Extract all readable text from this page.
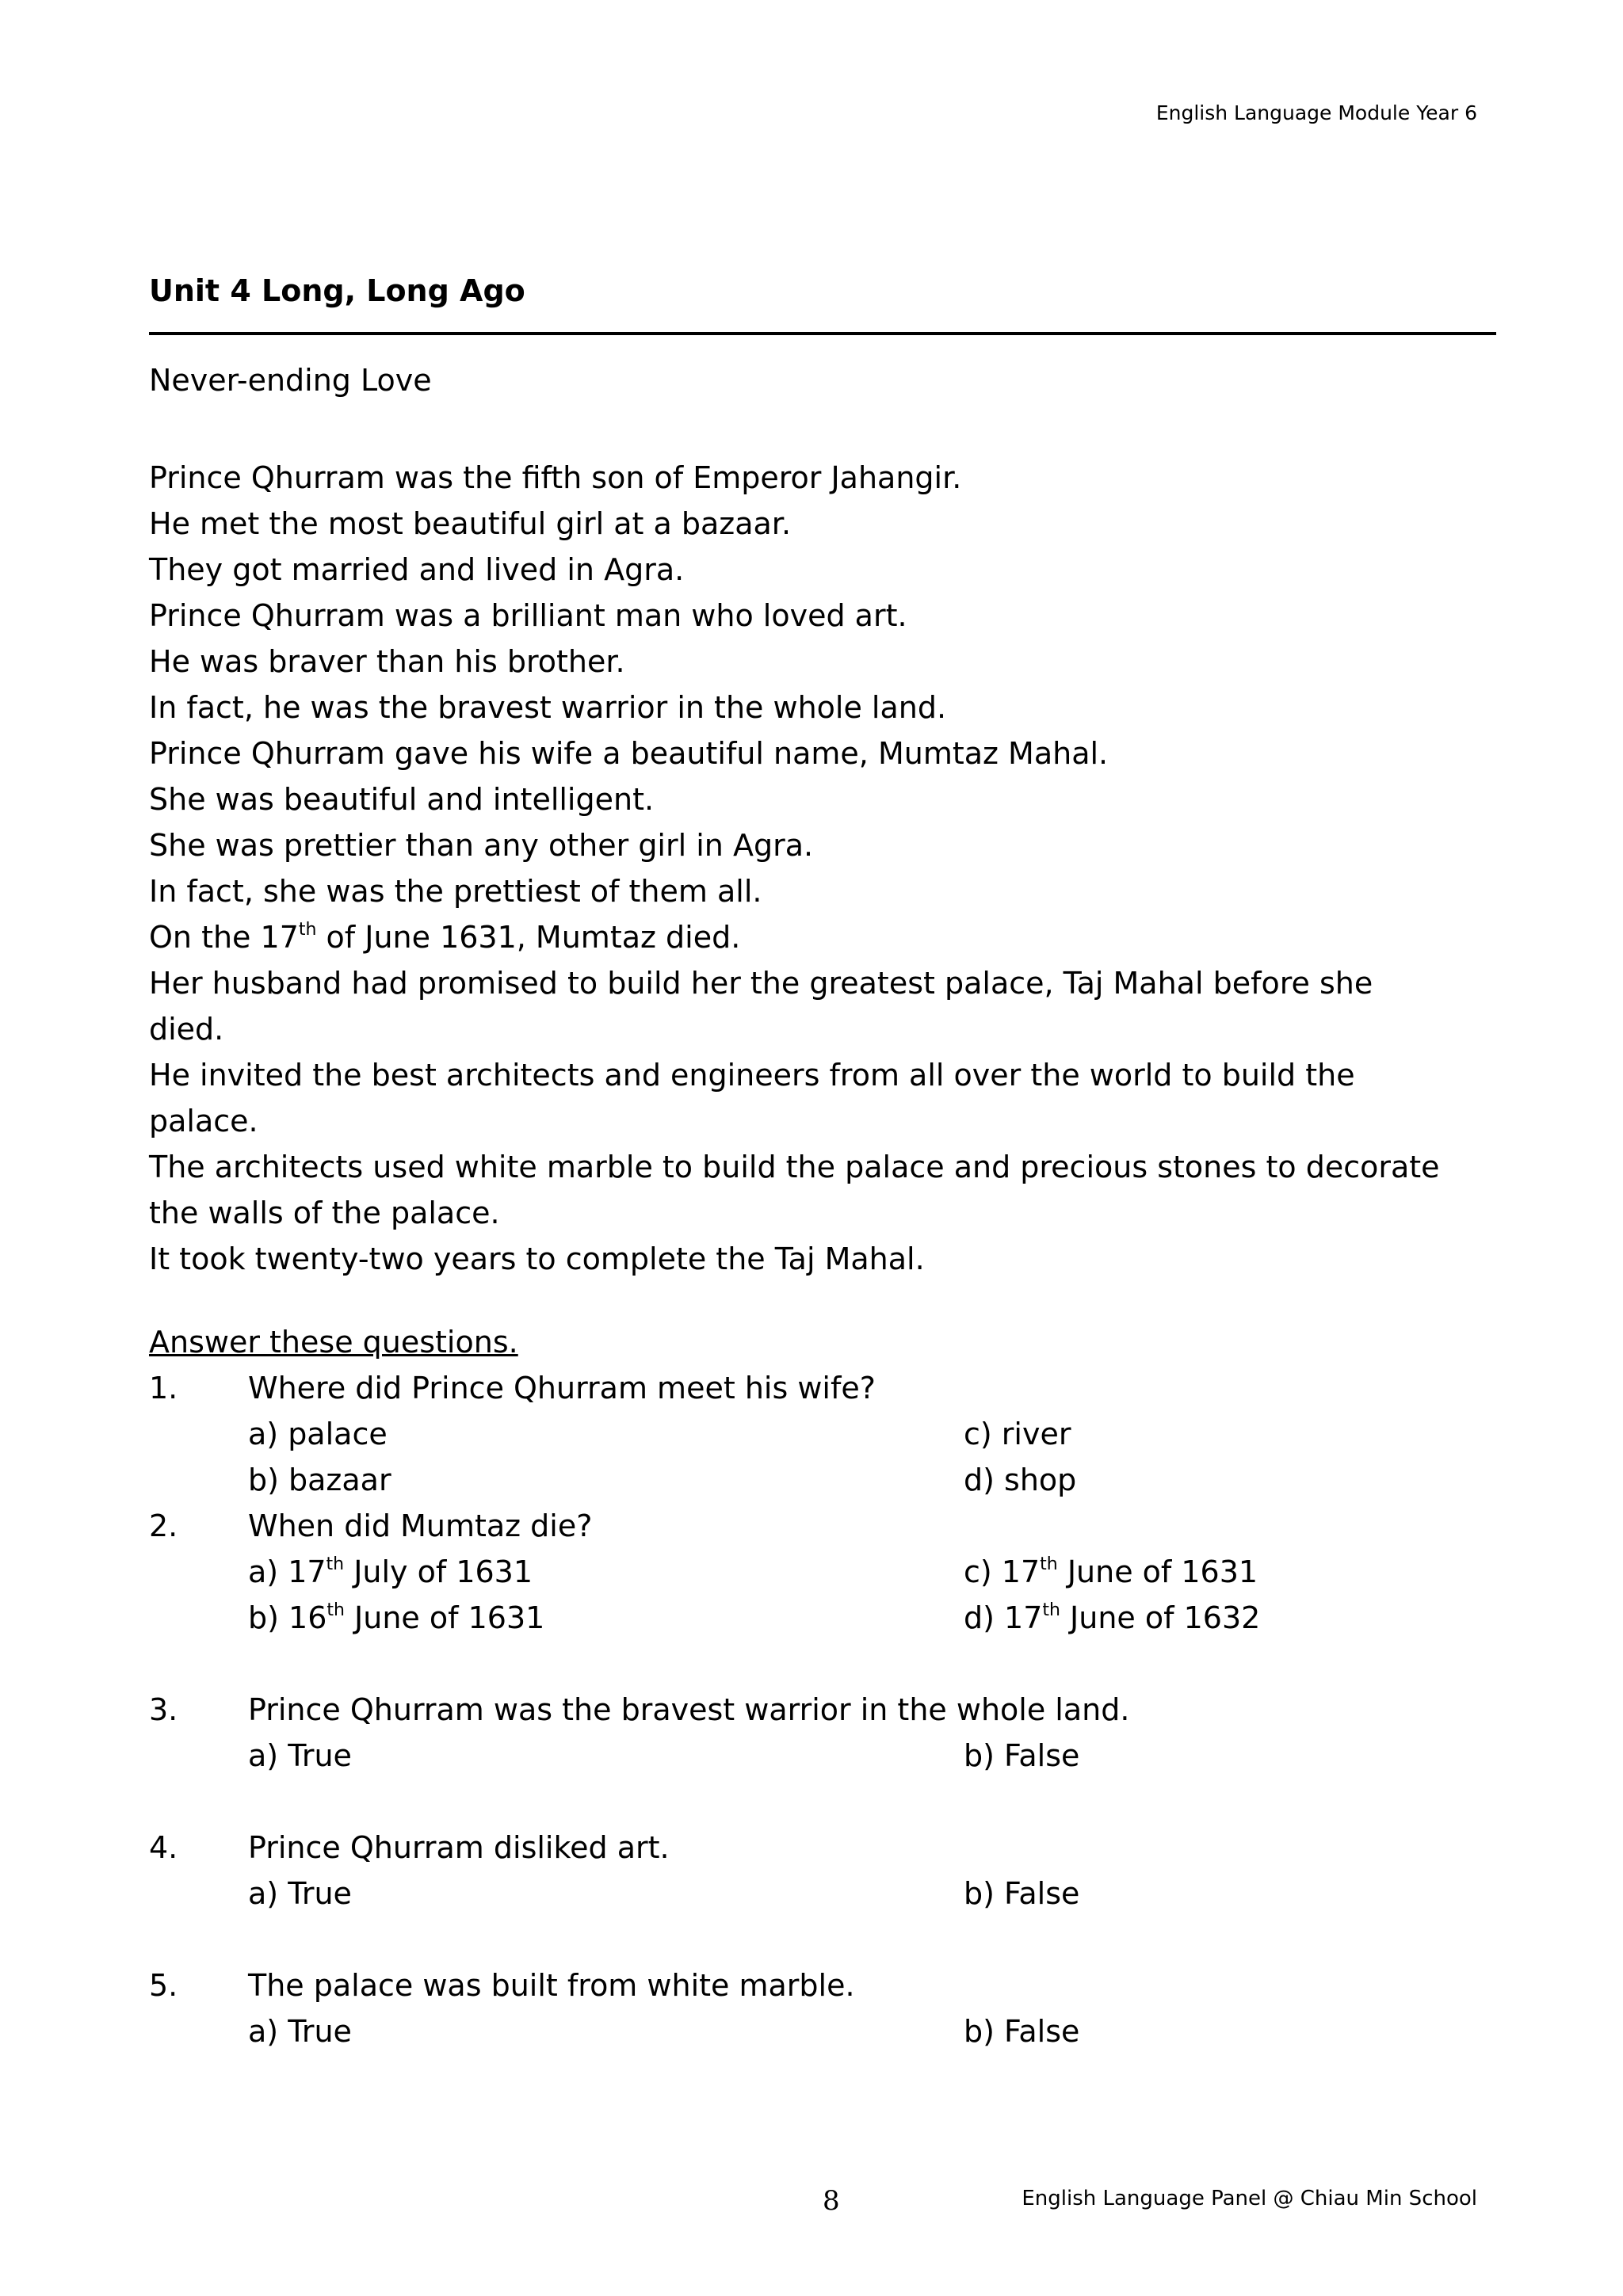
English Language Module Year 6
Unit 4 Long, Long Ago
Never-ending Love
Prince Qhurram was the fifth son of Emperor Jahangir.
He met the most beautiful girl at a bazaar.
They got married and lived in Agra.
Prince Qhurram was a brilliant man who loved art.
He was braver than his brother.
In fact, he was the bravest warrior in the whole land.
Prince Qhurram gave his wife a beautiful name, Mumtaz Mahal.
She was beautiful and intelligent.
She was prettier than any other girl in Agra.
In fact, she was the prettiest of them all.
On the 17th of June 1631, Mumtaz died.
Her husband had promised to build her the greatest palace, Taj Mahal before she
died.
He invited the best architects and engineers from all over the world to build the
palace.
The architects used white marble to build the palace and precious stones to decorate
the walls of the palace.
It took twenty-two years to complete the Taj Mahal.
Answer these questions.
1. Where did Prince Qhurram meet his wife?
a) palace	c) river
b) bazaar	d) shop
2. When did Mumtaz die?
a) 17th July of 1631	c) 17th June of 1631
b) 16th June of 1631	d) 17th June of 1632
3. Prince Qhurram was the bravest warrior in the whole land.
a) True	b) False
4. Prince Qhurram disliked art.
a) True	b) False
5. The palace was built from white marble.
a) True	b) False
8	English Language Panel @ Chiau Min School
